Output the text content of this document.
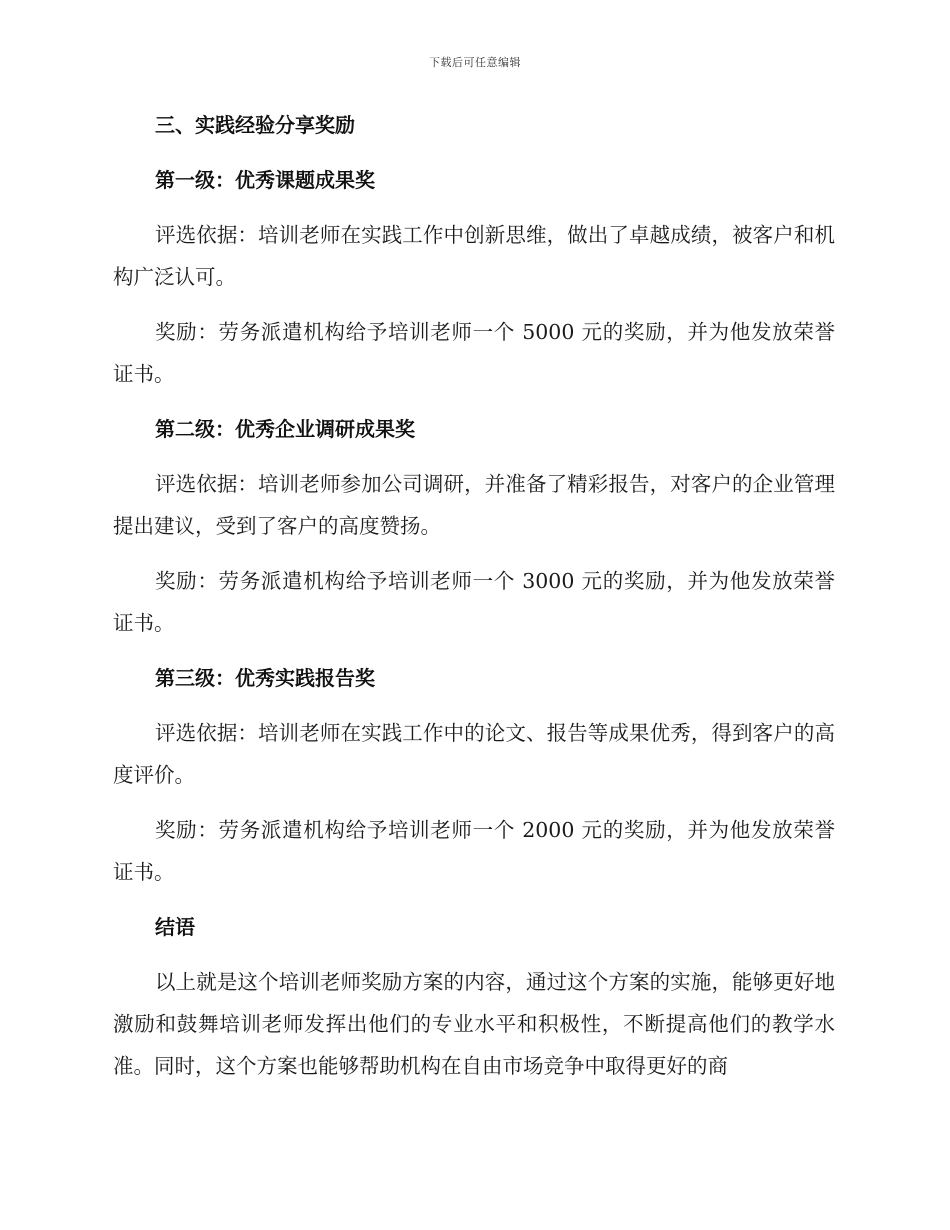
下载后可任意编辑
三、实践经验分享奖励
第一级：优秀课题成果奖

评选依据：培训老师在实践工作中创新思维，做出了卓越成绩，被客户和机构广泛认可。

奖励：劳务派遣机构给予培训老师一个 5000 元的奖励，并为他发放荣誉证书。

第二级：优秀企业调研成果奖

评选依据：培训老师参加公司调研，并准备了精彩报告，对客户的企业管理提出建议，受到了客户的高度赞扬。

奖励：劳务派遣机构给予培训老师一个 3000 元的奖励，并为他发放荣誉证书。

第三级：优秀实践报告奖

评选依据：培训老师在实践工作中的论文、报告等成果优秀，得到客户的高度评价。

奖励：劳务派遣机构给予培训老师一个 2000 元的奖励，并为他发放荣誉证书。

结语

以上就是这个培训老师奖励方案的内容，通过这个方案的实施，能够更好地激励和鼓舞培训老师发挥出他们的专业水平和积极性，不断提高他们的教学水准。同时，这个方案也能够帮助机构在自由市场竞争中取得更好的商
